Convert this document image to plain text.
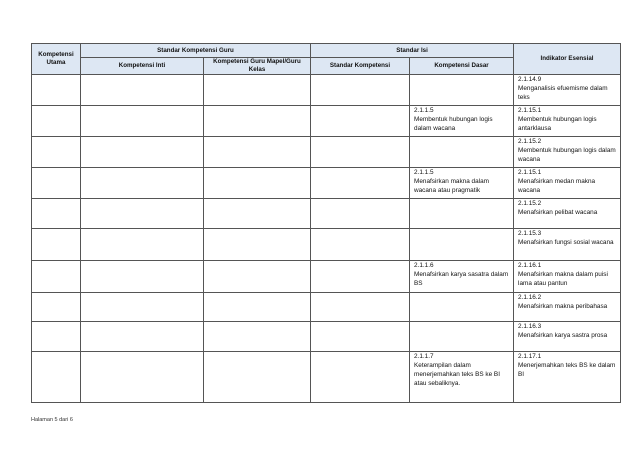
Kompetensi Utama	Standar Kompetensi Guru		Standar Isi		Indikator Esensial
	Kompetensi Inti	Kompetensi Guru Mapel/Guru Kelas	Standar Kompetensi	Kompetensi Dasar	
					2.1.14.9
Menganalisis efuemisme dalam teks
				2.1.1.5
Membentuk hubungan logis dalam wacana	2.1.15.1
Membentuk hubungan logis antarklausa
					2.1.15.2
Membentuk hubungan logis dalam wacana
				2.1.1.5
Menafsirkan makna dalam wacana atau pragmatik	2.1.15.1
Menafsirkan medan makna wacana
					2.1.15.2
Menafsirkan pelibat wacana
					2.1.15.3
Menafsirkan fungsi sosial wacana
				2.1.1.6
Menafsirkan karya sasatra dalam BS	2.1.16.1
Menafsirkan makna dalam puisi lama atau pantun
					2.1.16.2
Menafsirkan makna peribahasa
					2.1.16.3
Menafsirkan karya sastra prosa
				2.1.1.7
Keterampilan dalam menerjemahkan teks BS ke BI atau sebaliknya.	2.1.17.1
Menerjemahkan teks BS ke dalam BI
Halaman 5 dari 6
